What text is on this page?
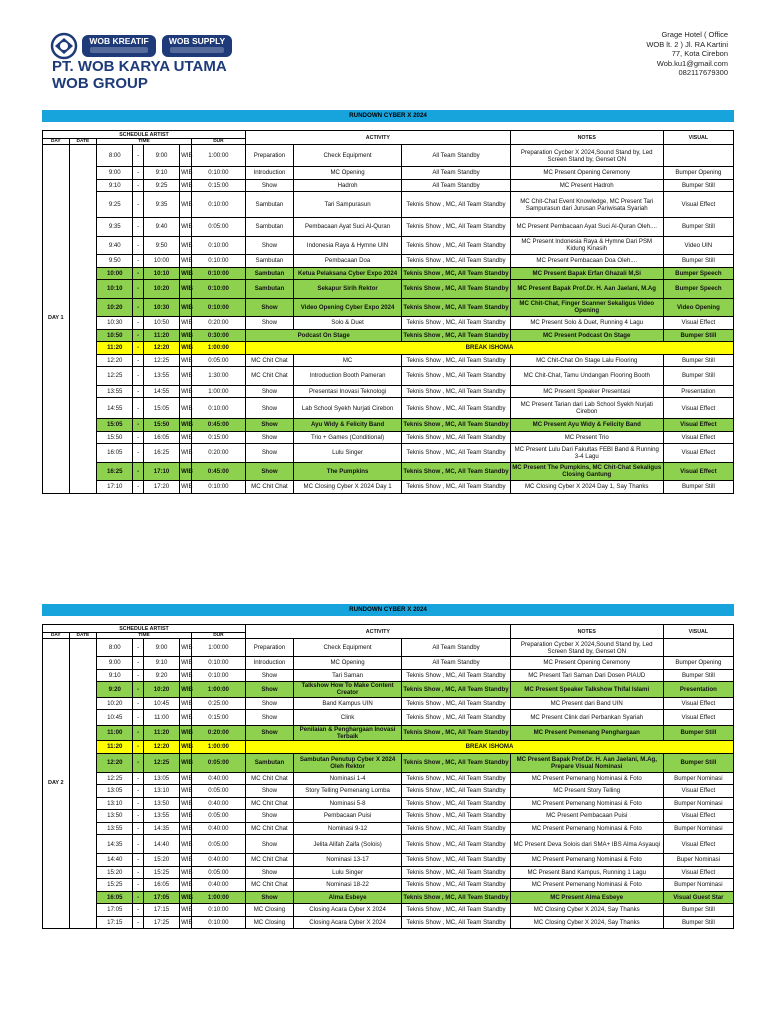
WOB KREATIF WOB SUPPLY
PT. WOB KARYA UTAMA
WOB GROUP
Grage Hotel ( Office
WOB lt. 2 ) Jl. RA Kartini
77, Kota Cirebon
Wob.ku1@gmail.com
082117679300
RUNDOWN CYBER X 2024
SCHEDULE ARTIST							ACTIVITY			NOTES	VISUAL
DAY	DATE	TIME				DUR					
DAY 1		8:00	-	9:00	WIB	1:00:00	Preparation	Check Equipment	All Team Standby	Preparation Cycber X 2024,Sound Stand by, Led Screen Stand by, Genset ON	
		9:00	-	9:10	WIB	0:10:00	Introduction	MC Opening	All Team Standby	MC Present Opening Ceremony	Bumper Opening
		9:10	-	9:25	WIB	0:15:00	Show	Hadroh	All Team Standby	MC Present Hadroh	Bumper Still
		9:25	-	9:35	WIB	0:10:00	Sambutan	Tari Sampurasun	Teknis Show , MC, All Team Standby	MC Chit-Chat Event Knowledge, MC Present Tari Sampurasun dari Jurusan Pariwisata Syariah	Visual Effect
		9:35	-	9:40	WIB	0:05:00	Sambutan	Pembacaan Ayat Suci Al-Quran	Teknis Show , MC, All Team Standby	MC Present Pembacaan Ayat Suci Al-Quran Oleh....	Bumper Still
		9:40	-	9:50	WIB	0:10:00	Show	Indonesia Raya & Hymne UIN	Teknis Show , MC, All Team Standby	MC Present Indonesia Raya & Hymne Dari PSM Kidung Kinasih	Video UIN
		9:50	-	10:00	WIB	0:10:00	Sambutan	Pembacaan Doa	Teknis Show , MC, All Team Standby	MC Present Pembacaan Doa Oleh....	Bumper Still
		10:00	-	10:10	WIB	0:10:00	Sambutan	Ketua Pelaksana Cyber Expo 2024	Teknis Show , MC, All Team Standby	MC Present Bapak Erfan Ghazali M,Si	Bumper Speech
		10:10	-	10:20	WIB	0:10:00	Sambutan	Sekapur Sirih Rektor	Teknis Show , MC, All Team Standby	MC Present Bapak Prof.Dr. H. Aan Jaelani, M.Ag	Bumper Speech
		10:20	-	10:30	WIB	0:10:00	Show	Video Opening Cyber Expo 2024	Teknis Show , MC, All Team Standby	MC Chit-Chat, Finger Scanner Sekaligus Video Opening	Video Opening
		10:30	-	10:50	WIB	0:20:00	Show	Solo & Duet	Teknis Show , MC, All Team Standby	MC Present Solo & Duet, Running 4 Lagu	Visual Effect
		10:50	-	11:20	WIB	0:30:00	Podcast On Stage		Teknis Show , MC, All Team Standby	MC Present Podcast On Stage	Bumper Still
		11:20	-	12:20	WIB	1:00:00	BREAK ISHOMA				
		12:20	-	12:25	WIB	0:05:00	MC Chit Chat	MC	Teknis Show , MC, All Team Standby	MC Chit-Chat On Stage Lalu Flooring	Bumper Still
		12:25	-	13:55	WIB	1:30:00	MC Chit Chat	Introduction Booth Pameran	Teknis Show , MC, All Team Standby	MC Chit-Chat, Tamu Undangan Flooring Booth	Bumper Still
		13:55	-	14:55	WIB	1:00:00	Show	Presentasi Inovasi Teknologi	Teknis Show , MC, All Team Standby	MC Present Speaker Presentasi	Presentation
		14:55	-	15:05	WIB	0:10:00	Show	Lab School Syekh Nurjati Cirebon	Teknis Show , MC, All Team Standby	MC Present Tarian dari Lab School Syekh Nurjati Cirebon	Visual Effect
		15:05	-	15:50	WIB	0:45:00	Show	Ayu Widy & Felicity Band	Teknis Show , MC, All Team Standby	MC Present Ayu Widy & Felicity Band	Visual Effect
		15:50	-	16:05	WIB	0:15:00	Show	Trio + Games (Conditional)	Teknis Show , MC, All Team Standby	MC Present Trio	Visual Effect
		16:05	-	16:25	WIB	0:20:00	Show	Lulu Singer	Teknis Show , MC, All Team Standby	MC Present Lulu Dari Fakultas FEBI Band & Running 3-4 Lagu	Visual Effect
		16:25	-	17:10	WIB	0:45:00	Show	The Pumpkins	Teknis Show , MC, All Team Standby	MC Present The Pumpkins, MC Chit-Chat Sekaligus Closing Gantung	Visual Effect
		17:10	-	17:20	WIB	0:10:00	MC Chit Chat	MC Closing Cyber X 2024 Day 1	Teknis Show , MC, All Team Standby	MC Closing Cyber X 2024 Day 1, Say Thanks	Bumper Still
RUNDOWN CYBER X 2024
SCHEDULE ARTIST							ACTIVITY			NOTES	VISUAL
DAY	DATE	TIME				DUR					
DAY 2		8:00	-	9:00	WIB	1:00:00	Preparation	Check Equipment	All Team Standby	Preparation Cycber X 2024,Sound Stand by, Led Screen Stand by, Genset ON	
		9:00	-	9:10	WIB	0:10:00	Introduction	MC Opening	All Team Standby	MC Present Opening Ceremony	Bumper Opening
		9:10	-	9:20	WIB	0:10:00	Show	Tari Saman	Teknis Show , MC, All Team Standby	MC Present Tari Saman Dari Dosen PIAUD	Bumper Still
		9:20	-	10:20	WIB	1:00:00	Show	Talkshow How To Make Content Creator	Teknis Show , MC, All Team Standby	MC Present Speaker Talkshow Thifal Islami	Presentation
		10:20	-	10:45	WIB	0:25:00	Show	Band Kampus UIN	Teknis Show , MC, All Team Standby	MC Present dari Band UIN	Visual Effect
		10:45	-	11:00	WIB	0:15:00	Show	Clink	Teknis Show , MC, All Team Standby	MC Present Clink dari Perbankan Syariah	Visual Effect
		11:00	-	11:20	WIB	0:20:00	Show	Penilaian & Penghargaan Inovasi Terbaik	Teknis Show , MC, All Team Standby	MC Present Pemenang Penghargaan	Bumper Still
		11:20	-	12:20	WIB	1:00:00	BREAK ISHOMA				
		12:20	-	12:25	WIB	0:05:00	Sambutan	Sambutan Penutup Cyber X 2024 Oleh Rektor	Teknis Show , MC, All Team Standby	MC Present Bapak Prof.Dr. H. Aan Jaelani, M.Ag, Prepare Visual Nominasi	Bumper Still
		12:25	-	13:05	WIB	0:40:00	MC Chit Chat	Nominasi 1-4	Teknis Show , MC, All Team Standby	MC Present Pemenang Nominasi & Foto	Bumper Nominasi
		13:05	-	13:10	WIB	0:05:00	Show	Story Telling Pemenang Lomba	Teknis Show , MC, All Team Standby	MC Present Story Telling	Visual Effect
		13:10	-	13:50	WIB	0:40:00	MC Chit Chat	Nominasi 5-8	Teknis Show , MC, All Team Standby	MC Present Pemenang Nominasi & Foto	Bumper Nominasi
		13:50	-	13:55	WIB	0:05:00	Show	Pembacaan Puisi	Teknis Show , MC, All Team Standby	MC Present Pembacaan Puisi	Visual Effect
		13:55	-	14:35	WIB	0:40:00	MC Chit Chat	Nominasi 9-12	Teknis Show , MC, All Team Standby	MC Present Pemenang Nominasi & Foto	Bumper Nominasi
		14:35	-	14:40	WIB	0:05:00	Show	Jelita Alifah Zaifa (Solois)	Teknis Show , MC, All Team Standby	MC Present Deva Solois dari SMA+ IBS Alma Asyauqi	Visual Effect
		14:40	-	15:20	WIB	0:40:00	MC Chit Chat	Nominasi 13-17	Teknis Show , MC, All Team Standby	MC Present Pemenang Nominasi & Foto	Buper Nominasi
		15:20	-	15:25	WIB	0:05:00	Show	Lulu Singer	Teknis Show , MC, All Team Standby	MC Present Band Kampus, Running 1 Lagu	Visual Effect
		15:25	-	16:05	WIB	0:40:00	MC Chit Chat	Nominasi 18-22	Teknis Show , MC, All Team Standby	MC Present Pemenang Nominasi & Foto	Bumper Nominasi
		16:05	-	17:05	WIB	1:00:00	Show	Alma Esbeye	Teknis Show , MC, All Team Standby	MC Present Alma Esbeye	Visual Guest Star
		17:05	-	17:15	WIB	0:10:00	MC Closing	Closing Acara Cyber X 2024	Teknis Show , MC, All Team Standby	MC Closing Cyber X 2024, Say Thanks	Bumper Still
		17:15	-	17:25	WIB	0:10:00	MC Closing	Closing Acara Cyber X 2024	Teknis Show , MC, All Team Standby	MC Closing Cyber X 2024, Say Thanks	Bumper Still
